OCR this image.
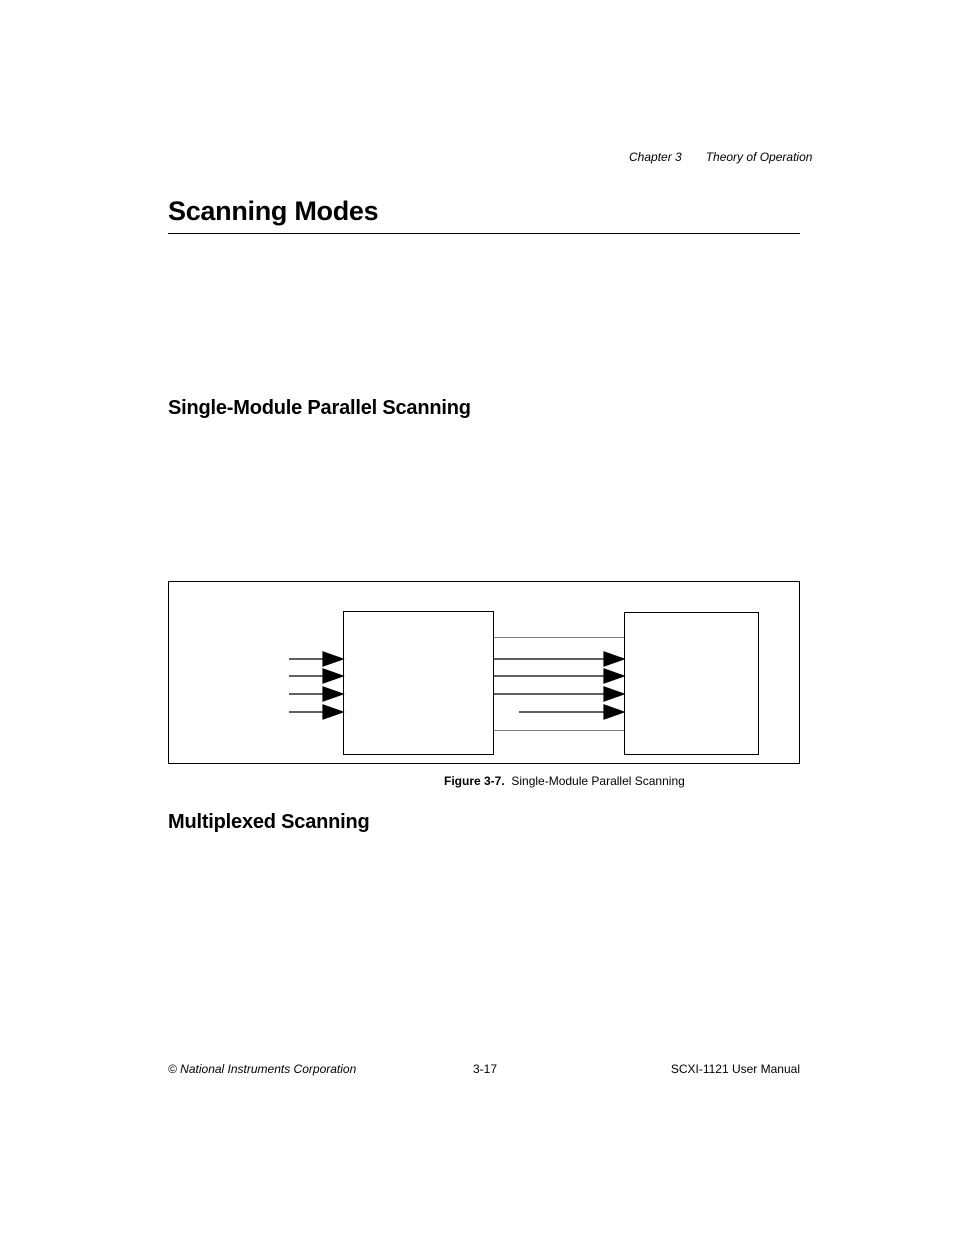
Chapter 3 Theory of Operation
Scanning Modes
Single-Module Parallel Scanning
Figure 3-7. Single-Module Parallel Scanning
Multiplexed Scanning
© National Instruments Corporation	3-17	SCXI-1121 User Manual
